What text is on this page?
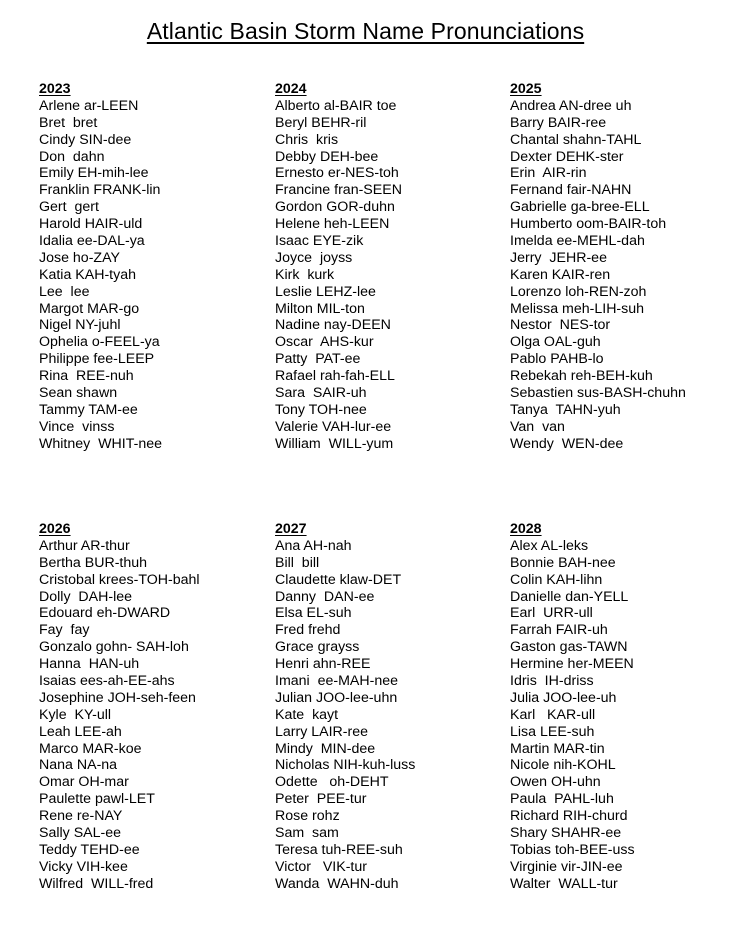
Atlantic Basin Storm Name Pronunciations
2023
Arlene ar-LEEN
Bret  bret
Cindy SIN-dee
Don  dahn
Emily EH-mih-lee
Franklin FRANK-lin
Gert  gert
Harold HAIR-uld
Idalia ee-DAL-ya
Jose ho-ZAY
Katia KAH-tyah
Lee  lee
Margot MAR-go
Nigel NY-juhl
Ophelia o-FEEL-ya
Philippe fee-LEEP
Rina  REE-nuh
Sean shawn
Tammy TAM-ee
Vince  vinss
Whitney  WHIT-nee
2024
Alberto al-BAIR toe
Beryl BEHR-ril
Chris  kris
Debby DEH-bee
Ernesto er-NES-toh
Francine fran-SEEN
Gordon GOR-duhn
Helene heh-LEEN
Isaac EYE-zik
Joyce  joyss
Kirk  kurk
Leslie LEHZ-lee
Milton MIL-ton
Nadine nay-DEEN
Oscar  AHS-kur
Patty  PAT-ee
Rafael rah-fah-ELL
Sara  SAIR-uh
Tony TOH-nee
Valerie VAH-lur-ee
William  WILL-yum
2025
Andrea AN-dree uh
Barry BAIR-ree
Chantal shahn-TAHL
Dexter DEHK-ster
Erin  AIR-rin
Fernand fair-NAHN
Gabrielle ga-bree-ELL
Humberto oom-BAIR-toh
Imelda ee-MEHL-dah
Jerry  JEHR-ee
Karen KAIR-ren
Lorenzo loh-REN-zoh
Melissa meh-LIH-suh
Nestor  NES-tor
Olga OAL-guh
Pablo PAHB-lo
Rebekah reh-BEH-kuh
Sebastien sus-BASH-chuhn
Tanya  TAHN-yuh
Van  van
Wendy  WEN-dee
2026
Arthur AR-thur
Bertha BUR-thuh
Cristobal krees-TOH-bahl
Dolly  DAH-lee
Edouard eh-DWARD
Fay  fay
Gonzalo gohn- SAH-loh
Hanna  HAN-uh
Isaias ees-ah-EE-ahs
Josephine JOH-seh-feen
Kyle  KY-ull
Leah LEE-ah
Marco MAR-koe
Nana NA-na
Omar OH-mar
Paulette pawl-LET
Rene re-NAY
Sally SAL-ee
Teddy TEHD-ee
Vicky VIH-kee
Wilfred  WILL-fred
2027
Ana AH-nah
Bill  bill
Claudette klaw-DET
Danny  DAN-ee
Elsa EL-suh
Fred frehd
Grace grayss
Henri ahn-REE
Imani  ee-MAH-nee
Julian JOO-lee-uhn
Kate  kayt
Larry LAIR-ree
Mindy  MIN-dee
Nicholas NIH-kuh-luss
Odette   oh-DEHT
Peter  PEE-tur
Rose rohz
Sam  sam
Teresa tuh-REE-suh
Victor   VIK-tur
Wanda  WAHN-duh
2028
Alex AL-leks
Bonnie BAH-nee
Colin KAH-lihn
Danielle dan-YELL
Earl  URR-ull
Farrah FAIR-uh
Gaston gas-TAWN
Hermine her-MEEN
Idris  IH-driss
Julia JOO-lee-uh
Karl   KAR-ull
Lisa LEE-suh
Martin MAR-tin
Nicole nih-KOHL
Owen OH-uhn
Paula  PAHL-luh
Richard RIH-churd
Shary SHAHR-ee
Tobias toh-BEE-uss
Virginie vir-JIN-ee
Walter  WALL-tur
